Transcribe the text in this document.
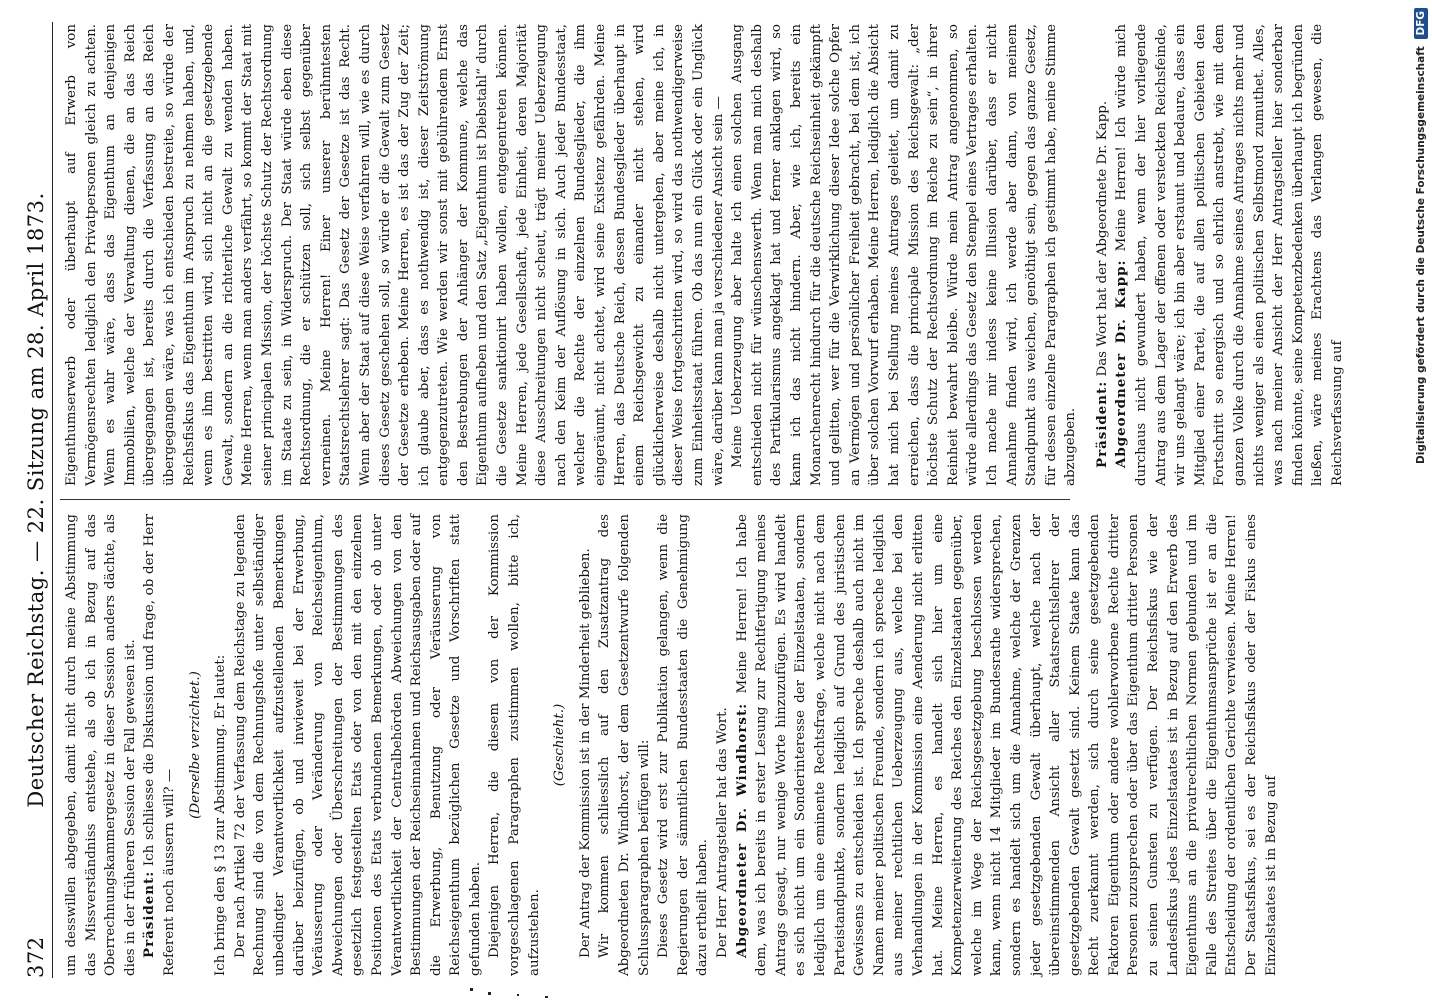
372
Deutscher Reichstag. — 22. Sitzung am 28. April 1873. um desswillen abgegeben, damit nicht durch meine Abstimmung das Missverständniss entstehe, als ob ich in Bezug auf das Oberrechnungskammergesetz in dieser Session anders dächte, als dies in der früheren Session der Fall gewesen ist. Präsident: Ich schliesse die Diskussion und frage, ob der Herr Referent noch äussern will? —

(Derselbe verzichtet.) Ich bringe den § 13 zur Abstimmung. Er lautet: Der nach Artikel 72 der Verfassung dem Reichstage zu legenden Rechnung sind die von dem Rechnungshofe unter selbständiger unbedingter Verantwortlichkeit aufzustellenden Bemerkungen darüber beizufügen, ob und inwieweit bei der Erwerbung, Veräusserung oder Veränderung von Reichseigenthum, Abweichungen oder Überschreitungen der Bestimmungen des gesetzlich festgestellten Etats oder von den mit den einzelnen Positionen des Etats verbundenen Bemerkungen, oder ob unter Verantwortlichkeit der Centralbehörden Abweichungen von den Bestimmungen der Reichseinnahmen und Reichsausgaben oder auf die Erwerbung, Benutzung oder Veräusserung von Reichseigenthum bezüglichen Gesetze und Vorschriften statt gefunden haben. Diejenigen Herren, die diesem von der Kommission vorgeschlagenen Paragraphen zustimmen wollen, bitte ich, aufzustehen.

(Geschieht.) Der Antrag der Kommission ist in der Minderheit geblieben. Wir kommen schliesslich auf den Zusatzantrag des Abgeordneten Dr. Windhorst, der dem Gesetzentwurfe folgenden Schlussparagraphen beifügen will: Dieses Gesetz wird erst zur Publikation gelangen, wenn die Regierungen der sämmtlichen Bundesstaaten die Genehmigung dazu ertheilt haben. Der Herr Antragsteller hat das Wort. Abgeordneter Dr. Windhorst: Meine Herren! Ich habe dem, was ich bereits in erster Lesung zur Rechtfertigung meines Antrags gesagt, nur wenige Worte hinzuzufügen. Es wird handelt es sich nicht um ein Sonderinteresse der Einzelstaaten, sondern lediglich um eine eminente Rechtsfrage, welche nicht nach dem Parteistandpunkte, sondern lediglich auf Grund des juristischen Gewissens zu entscheiden ist. Ich spreche deshalb auch nicht im Namen meiner politischen Freunde, sondern ich spreche lediglich aus meiner rechtlichen Ueberzeugung aus, welche bei den Verhandlungen in der Kommission eine Aenderung nicht erlitten hat. Meine Herren, es handelt sich hier um eine Kompetenzerweiterung des Reiches den Einzelstaaten gegenüber, welche im Wege der Reichsgesetzgebung beschlossen werden kann, wenn nicht 14 Mitglieder im Bundesrathe widersprechen, sondern es handelt sich um die Annahme, welche der Grenzen jeder gesetzgebenden Gewalt überhaupt, welche nach der übereinstimmenden Ansicht aller Staatsrechtslehrer der gesetzgebenden Gewalt gesetzt sind. Keinem Staate kann das Recht zuerkannt werden, sich durch seine gesetzgebenden Faktoren Eigenthum oder andere wohlerworbene Rechte dritter Personen zuzusprechen oder über das Eigenthum dritter Personen zu seinen Gunsten zu verfügen. Der Reichsfiskus wie der Landesfiskus jedes Einzelstaates ist in Bezug auf den Erwerb des Eigenthums an die privatrechtlichen Normen gebunden und im Falle des Streites über die Eigenthumsansprüche ist er an die Entscheidung der ordentlichen Gerichte verwiesen. Meine Herren! Der Staatsfiskus, sei es der Reichsfiskus oder der Fiskus eines Einzelstaates ist in Bezug auf

Eigenthumserwerb oder überhaupt auf Erwerb von Vermögensrechten lediglich den Privatpersonen gleich zu achten. Wenn es wahr wäre, dass das Eigenthum an denjenigen Immobilien, welche der Verwaltung dienen, die an das Reich übergegangen ist, bereits durch die Verfassung an das Reich übergegangen wäre, was ich entschieden bestreite, so würde der Reichsfiskus das Eigenthum im Anspruch zu nehmen haben, und, wenn es ihm bestritten wird, sich nicht an die gesetzgebende Gewalt, sondern an die richterliche Gewalt zu wenden haben. Meine Herren, wenn man anders verfährt, so kommt der Staat mit seiner principalen Mission, der höchste Schutz der Rechtsordnung im Staate zu sein, in Widerspruch. Der Staat würde eben diese Rechtsordnung, die er schützen soll, sich selbst gegenüber verneinen. Meine Herren! Einer unserer berühmtesten Staatsrechtslehrer sagt: Das Gesetz der Gesetze ist das Recht. Wenn aber der Staat auf diese Weise verfahren will, wie es durch dieses Gesetz geschehen soll, so würde er die Gewalt zum Gesetz der Gesetze erheben. Meine Herren, es ist das der Zug der Zeit; ich glaube aber, dass es nothwendig ist, dieser Zeitströmung entgegenzutreten. Wie werden wir sonst mit gebührendem Ernst den Bestrebungen der Anhänger der Kommune, welche das Eigenthum aufheben und den Satz „Eigenthum ist Diebstahl“ durch die Gesetze sanktionirt haben wollen, entgegentreten können. Meine Herren, jede Gesellschaft, jede Einheit, deren Majorität diese Ausschreitungen nicht scheut, trägt meiner Ueberzeugung nach den Keim der Auflösung in sich. Auch jeder Bundesstaat, welcher die Rechte der einzelnen Bundesglieder, die ihm eingeräumt, nicht achtet, wird seine Existenz gefährden. Meine Herren, das Deutsche Reich, dessen Bundesglieder überhaupt in einem Reichsgewicht zu einander nicht stehen, wird glücklicherweise deshalb nicht untergehen, aber meine ich, in dieser Weise fortgeschritten wird, so wird das nothwendigerweise zum Einheitsstaat führen. Ob das nun ein Glück oder ein Unglück wäre, darüber kann man ja verschiedener Ansicht sein — Meine Ueberzeugung aber halte ich einen solchen Ausgang entschieden nicht für wünschenswerth. Wenn man mich deshalb des Partikularismus angeklagt hat und ferner anklagen wird, so kann ich das nicht hindern. Aber, wie ich, bereits ein Monarchenrecht hindurch für die deutsche Reichseinheit gekämpft und gelitten, wer für die Verwirklichung dieser Idee solche Opfer an Vermögen und persönlicher Freiheit gebracht, bei dem ist, ich über solchen Vorwurf erhaben. Meine Herren, lediglich die Absicht hat mich bei Stellung meines Antrages geleitet, um damit zu erreichen, dass die principale Mission des Reichsgewalt: „der höchste Schutz der Rechtsordnung im Reiche zu sein“, in ihrer Reinheit bewahrt bleibe. Würde mein Antrag angenommen, so würde allerdings das Gesetz den Stempel eines Vertrages erhalten. Ich mache mir indess keine Illusion darüber, dass er nicht Annahme finden wird, ich werde aber dann, von meinem Standpunkt aus weichen, genöthigt sein, gegen das ganze Gesetz, für dessen einzelne Paragraphen ich gestimmt habe, meine Stimme abzugeben. Präsident: Das Wort hat der Abgeordnete Dr. Kapp. Abgeordneter Dr. Kapp: Meine Herren! Ich würde mich durchaus nicht gewundert haben, wenn der hier vorliegende Antrag aus dem Lager der offenen oder versteckten Reichsfeinde, wir uns gelangt wäre; ich bin aber erstaunt und bedaure, dass ein Mitglied einer Partei, die auf allen politischen Gebieten den Fortschritt so energisch und so ehrlich anstrebt, wie mit dem ganzen Volke durch die Annahme seines Antrages nichts mehr und nichts weniger als einen politischen Selbstmord zumuthet. Alles, was nach meiner Ansicht der Herr Antragsteller hier sonderbar finden könnte, seine Kompetenzbedenken überhaupt ich begründen ließen, wäre meines Erachtens das Verlangen gewesen, die Reichsverfassung auf	Digitalisierung gefördert durch die Deutsche Forschungsgemeinschaft DFG
